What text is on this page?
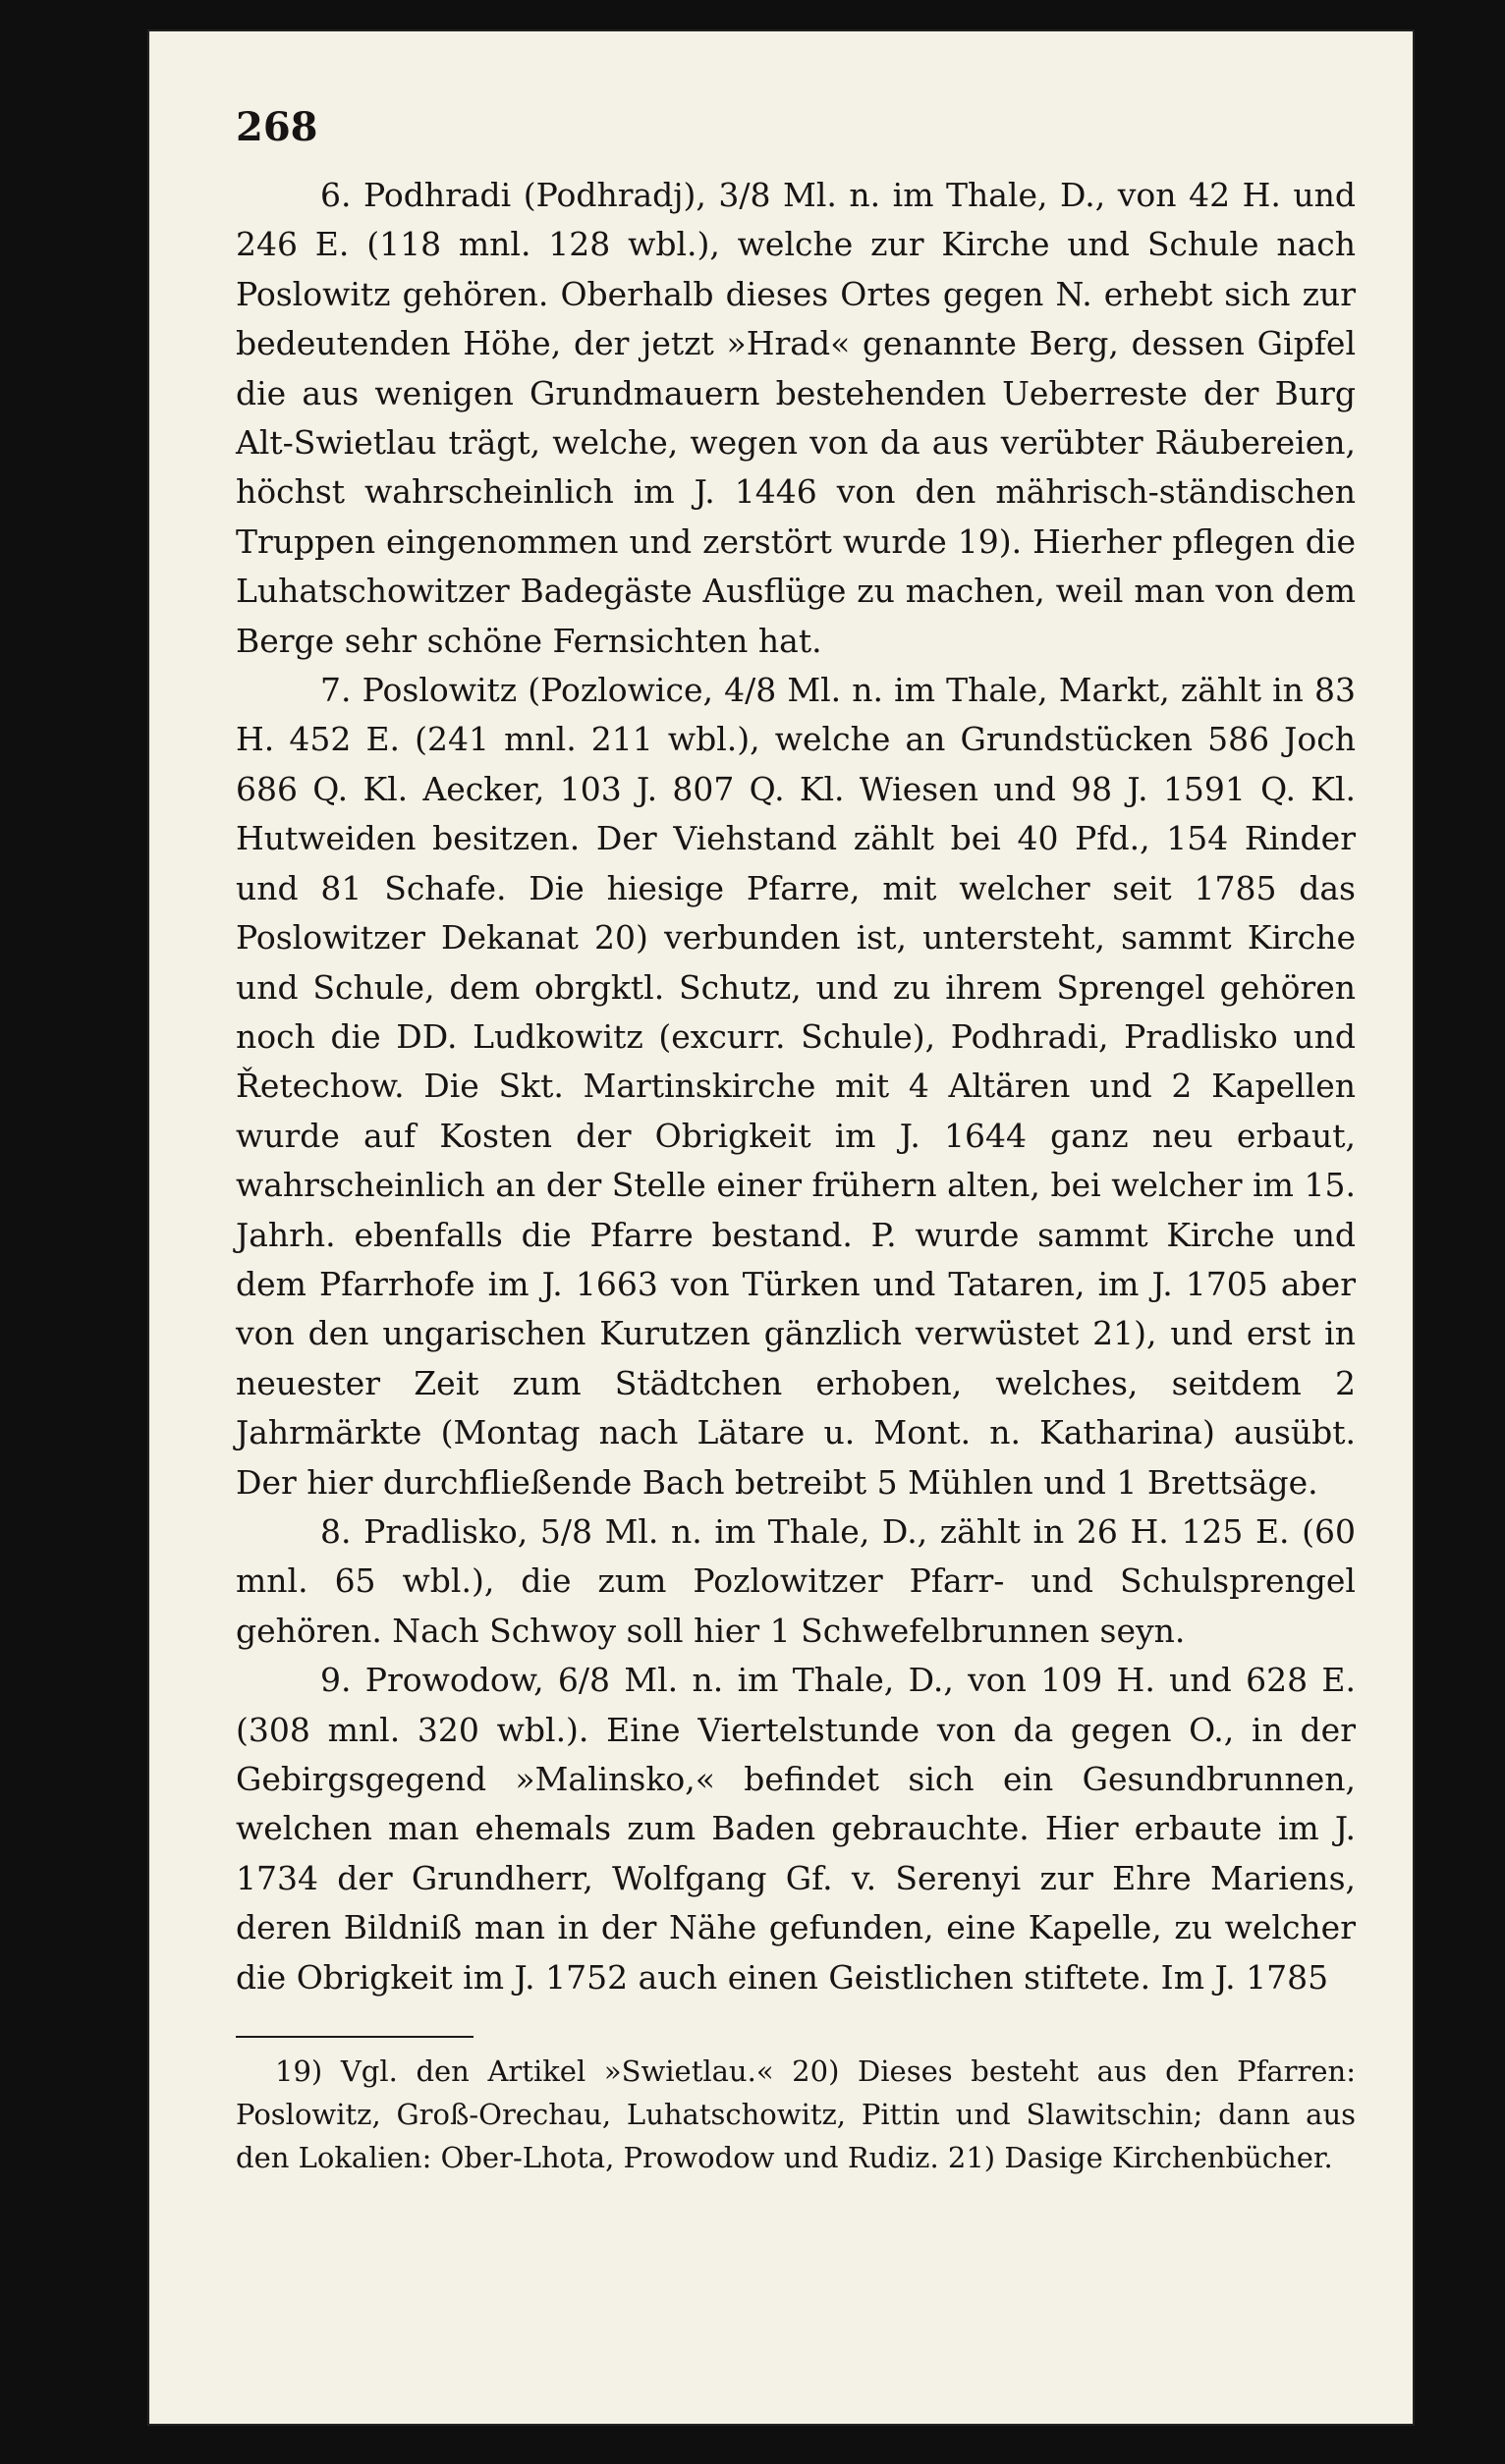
268

6. Podhradi (Podhradj), 3/8 Ml. n. im Thale, D., von 42 H. und 246 E. (118 mnl. 128 wbl.), welche zur Kirche und Schule nach Poslowitz gehören. Oberhalb dieses Ortes gegen N. erhebt sich zur bedeutenden Höhe, der jetzt »Hrad« genannte Berg, dessen Gipfel die aus wenigen Grundmauern bestehenden Ueberreste der Burg Alt-Swietlau trägt, welche, wegen von da aus verübter Räubereien, höchst wahrscheinlich im J. 1446 von den mährisch-ständischen Truppen eingenommen und zerstört wurde 19). Hierher pflegen die Luhatschowitzer Badegäste Ausflüge zu machen, weil man von dem Berge sehr schöne Fernsichten hat.

7. Poslowitz (Pozlowice, 4/8 Ml. n. im Thale, Markt, zählt in 83 H. 452 E. (241 mnl. 211 wbl.), welche an Grundstücken 586 Joch 686 Q. Kl. Aecker, 103 J. 807 Q. Kl. Wiesen und 98 J. 1591 Q. Kl. Hutweiden besitzen. Der Viehstand zählt bei 40 Pfd., 154 Rinder und 81 Schafe. Die hiesige Pfarre, mit welcher seit 1785 das Poslowitzer Dekanat 20) verbunden ist, untersteht, sammt Kirche und Schule, dem obrgktl. Schutz, und zu ihrem Sprengel gehören noch die DD. Ludkowitz (excurr. Schule), Podhradi, Pradlisko und Řetechow. Die Skt. Martinskirche mit 4 Altären und 2 Kapellen wurde auf Kosten der Obrigkeit im J. 1644 ganz neu erbaut, wahrscheinlich an der Stelle einer frühern alten, bei welcher im 15. Jahrh. ebenfalls die Pfarre bestand. P. wurde sammt Kirche und dem Pfarrhofe im J. 1663 von Türken und Tataren, im J. 1705 aber von den ungarischen Kurutzen gänzlich verwüstet 21), und erst in neuester Zeit zum Städtchen erhoben, welches, seitdem 2 Jahrmärkte (Montag nach Lätare u. Mont. n. Katharina) ausübt. Der hier durchfließende Bach betreibt 5 Mühlen und 1 Brettsäge.

8. Pradlisko, 5/8 Ml. n. im Thale, D., zählt in 26 H. 125 E. (60 mnl. 65 wbl.), die zum Pozlowitzer Pfarr- und Schulsprengel gehören. Nach Schwoy soll hier 1 Schwefelbrunnen seyn.

9. Prowodow, 6/8 Ml. n. im Thale, D., von 109 H. und 628 E. (308 mnl. 320 wbl.). Eine Viertelstunde von da gegen O., in der Gebirgsgegend »Malinsko,« befindet sich ein Gesundbrunnen, welchen man ehemals zum Baden gebrauchte. Hier erbaute im J. 1734 der Grundherr, Wolfgang Gf. v. Serenyi zur Ehre Mariens, deren Bildniß man in der Nähe gefunden, eine Kapelle, zu welcher die Obrigkeit im J. 1752 auch einen Geistlichen stiftete. Im J. 1785

19) Vgl. den Artikel »Swietlau.« 20) Dieses besteht aus den Pfarren: Poslowitz, Groß-Orechau, Luhatschowitz, Pittin und Slawitschin; dann aus den Lokalien: Ober-Lhota, Prowodow und Rudiz. 21) Dasige Kirchenbücher.
